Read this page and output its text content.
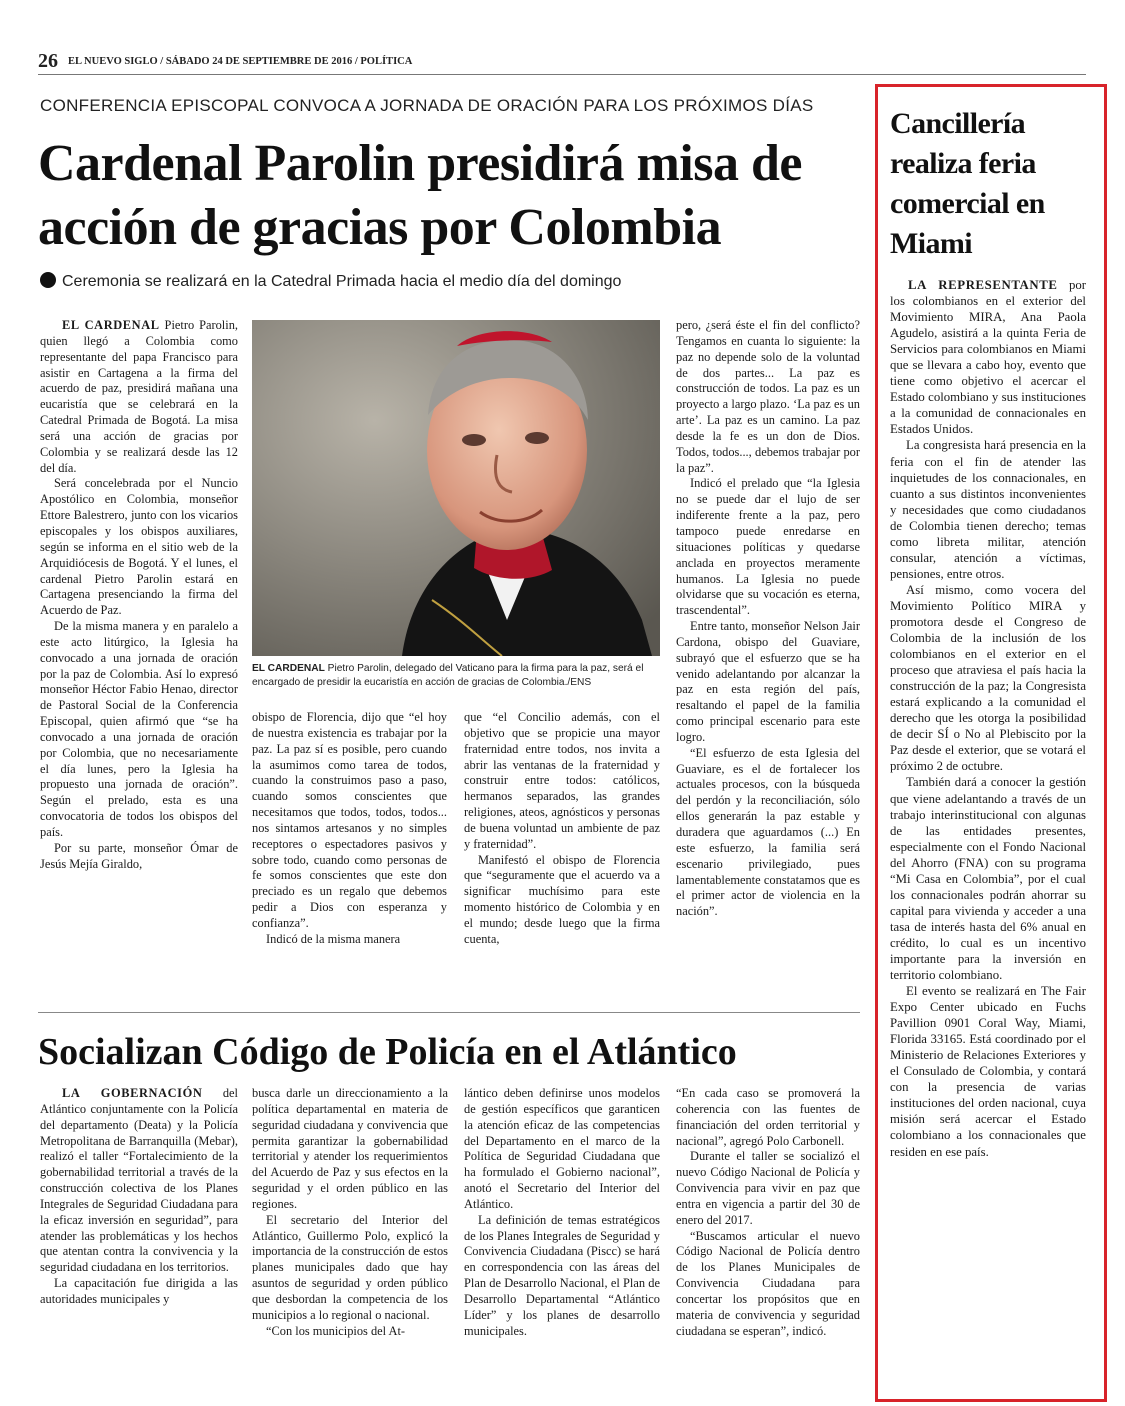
26 EL NUEVO SIGLO / SÁBADO 24 DE SEPTIEMBRE DE 2016 / POLÍTICA
CONFERENCIA EPISCOPAL CONVOCA A JORNADA DE ORACIÓN PARA LOS PRÓXIMOS DÍAS
Cardenal Parolin presidirá misa de acción de gracias por Colombia
Ceremonia se realizará en la Catedral Primada hacia el medio día del domingo

EL CARDENAL Pietro Parolin, quien llegó a Colombia como representante del papa Francisco para asistir en Cartagena a la firma del acuerdo de paz, presidirá mañana una eucaristía que se celebrará en la Catedral Primada de Bogotá. La misa será una acción de gracias por Colombia y se realizará desde las 12 del día.

Será concelebrada por el Nuncio Apostólico en Colombia, monseñor Ettore Balestrero, junto con los vicarios episcopales y los obispos auxiliares, según se informa en el sitio web de la Arquidiócesis de Bogotá. Y el lunes, el cardenal Pietro Parolin estará en Cartagena presenciando la firma del Acuerdo de Paz.

De la misma manera y en paralelo a este acto litúrgico, la Iglesia ha convocado a una jornada de oración por la paz de Colombia. Así lo expresó monseñor Héctor Fabio Henao, director de Pastoral Social de la Conferencia Episcopal, quien afirmó que “se ha convocado a una jornada de oración por Colombia, que no necesariamente el día lunes, pero la Iglesia ha propuesto una jornada de oración”. Según el prelado, esta es una convocatoria de todos los obispos del país.

Por su parte, monseñor Ómar de Jesús Mejía Giraldo,

EL CARDENAL Pietro Parolin, delegado del Vaticano para la firma para la paz, será el encargado de presidir la eucaristía en acción de gracias de Colombia./ENS

obispo de Florencia, dijo que “el hoy de nuestra existencia es trabajar por la paz. La paz sí es posible, pero cuando la asumimos como tarea de todos, cuando la construimos paso a paso, cuando somos conscientes que necesitamos que todos, todos, todos... nos sintamos artesanos y no simples receptores o espectadores pasivos y sobre todo, cuando como personas de fe somos conscientes que este don preciado es un regalo que debemos pedir a Dios con esperanza y confianza”.

Indicó de la misma manera

que “el Concilio además, con el objetivo que se propicie una mayor fraternidad entre todos, nos invita a abrir las ventanas de la fraternidad y construir entre todos: católicos, hermanos separados, las grandes religiones, ateos, agnósticos y personas de buena voluntad un ambiente de paz y fraternidad”.

Manifestó el obispo de Florencia que “seguramente que el acuerdo va a significar muchísimo para este momento histórico de Colombia y en el mundo; desde luego que la firma cuenta,

pero, ¿será éste el fin del conflicto? Tengamos en cuanta lo siguiente: la paz no depende solo de la voluntad de dos partes... La paz es construcción de todos. La paz es un proyecto a largo plazo. ‘La paz es un arte’. La paz es un camino. La paz desde la fe es un don de Dios. Todos, todos..., debemos trabajar por la paz”.

Indicó el prelado que “la Iglesia no se puede dar el lujo de ser indiferente frente a la paz, pero tampoco puede enredarse en situaciones políticas y quedarse anclada en proyectos meramente humanos. La Iglesia no puede olvidarse que su vocación es eterna, trascendental”.

Entre tanto, monseñor Nelson Jair Cardona, obispo del Guaviare, subrayó que el esfuerzo que se ha venido adelantando por alcanzar la paz en esta región del país, resaltando el papel de la familia como principal escenario para este logro.

“El esfuerzo de esta Iglesia del Guaviare, es el de fortalecer los actuales procesos, con la búsqueda del perdón y la reconciliación, sólo ellos generarán la paz estable y duradera que aguardamos (...) En este esfuerzo, la familia será escenario privilegiado, pues lamentablemente constatamos que es el primer actor de violencia en la nación”.

Socializan Código de Policía en el Atlántico

LA GOBERNACIÓN del Atlántico conjuntamente con la Policía del departamento (Deata) y la Policía Metropolitana de Barranquilla (Mebar), realizó el taller “Fortalecimiento de la gobernabilidad territorial a través de la construcción colectiva de los Planes Integrales de Seguridad Ciudadana para la eficaz inversión en seguridad”, para atender las problemáticas y los hechos que atentan contra la convivencia y la seguridad ciudadana en los territorios.

La capacitación fue dirigida a las autoridades municipales y

busca darle un direccionamiento a la política departamental en materia de seguridad ciudadana y convivencia que permita garantizar la gobernabilidad territorial y atender los requerimientos del Acuerdo de Paz y sus efectos en la seguridad y el orden público en las regiones.

El secretario del Interior del Atlántico, Guillermo Polo, explicó la importancia de la construcción de estos planes municipales dado que hay asuntos de seguridad y orden público que desbordan la competencia de los municipios a lo regional o nacional.

“Con los municipios del At-

lántico deben definirse unos modelos de gestión específicos que garanticen la atención eficaz de las competencias del Departamento en el marco de la Política de Seguridad Ciudadana que ha formulado el Gobierno nacional”, anotó el Secretario del Interior del Atlántico.

La definición de temas estratégicos de los Planes Integrales de Seguridad y Convivencia Ciudadana (Piscc) se hará en correspondencia con las áreas del Plan de Desarrollo Nacional, el Plan de Desarrollo Departamental “Atlántico Líder” y los planes de desarrollo municipales.

“En cada caso se promoverá la coherencia con las fuentes de financiación del orden territorial y nacional”, agregó Polo Carbonell.

Durante el taller se socializó el nuevo Código Nacional de Policía y Convivencia para vivir en paz que entra en vigencia a partir del 30 de enero del 2017.

“Buscamos articular el nuevo Código Nacional de Policía dentro de los Planes Municipales de Convivencia Ciudadana para concertar los propósitos que en materia de convivencia y seguridad ciudadana se esperan”, indicó.

Cancillería realiza feria comercial en Miami

LA REPRESENTANTE por los colombianos en el exterior del Movimiento MIRA, Ana Paola Agudelo, asistirá a la quinta Feria de Servicios para colombianos en Miami que se llevara a cabo hoy, evento que tiene como objetivo el acercar el Estado colombiano y sus instituciones a la comunidad de connacionales en Estados Unidos.

La congresista hará presencia en la feria con el fin de atender las inquietudes de los connacionales, en cuanto a sus distintos inconvenientes y necesidades que como ciudadanos de Colombia tienen derecho; temas como libreta militar, atención consular, atención a víctimas, pensiones, entre otros.

Así mismo, como vocera del Movimiento Político MIRA y promotora desde el Congreso de Colombia de la inclusión de los colombianos en el exterior en el proceso que atraviesa el país hacia la construcción de la paz; la Congresista estará explicando a la comunidad el derecho que les otorga la posibilidad de decir SÍ o No al Plebiscito por la Paz desde el exterior, que se votará el próximo 2 de octubre.

También dará a conocer la gestión que viene adelantando a través de un trabajo interinstitucional con algunas de las entidades presentes, especialmente con el Fondo Nacional del Ahorro (FNA) con su programa “Mi Casa en Colombia”, por el cual los connacionales podrán ahorrar su capital para vivienda y acceder a una tasa de interés hasta del 6% anual en crédito, lo cual es un incentivo importante para la inversión en territorio colombiano.

El evento se realizará en The Fair Expo Center ubicado en Fuchs Pavillion 0901 Coral Way, Miami, Florida 33165. Está coordinado por el Ministerio de Relaciones Exteriores y el Consulado de Colombia, y contará con la presencia de varias instituciones del orden nacional, cuya misión será acercar el Estado colombiano a los connacionales que residen en ese país.
